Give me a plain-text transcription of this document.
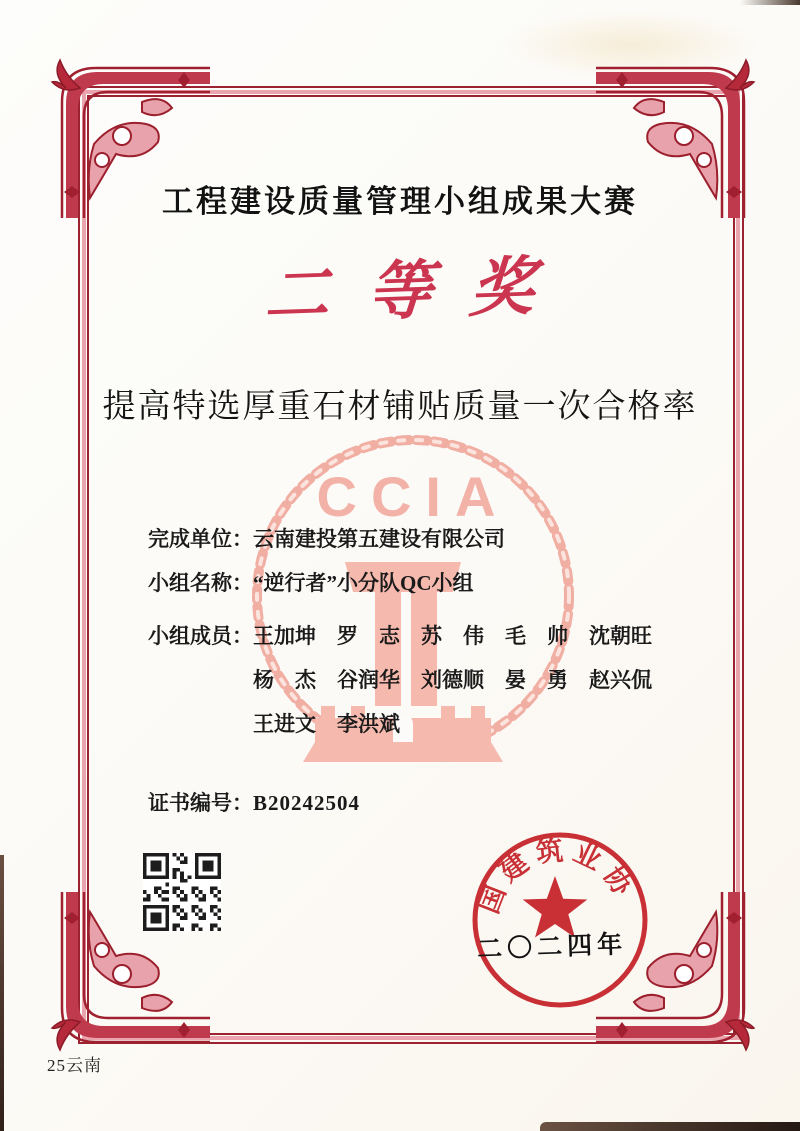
CCIA
工程建设质量管理小组成果大赛
二等奖
提高特选厚重石材铺贴质量一次合格率
完成单位：云南建投第五建设有限公司
小组名称：“逆行者”小分队QC小组
小组成员： 王加坤　罗　志　苏　伟　毛　帅　沈朝旺
杨　杰　谷润华　刘德顺　晏　勇　赵兴侃
王进文　李洪斌
证书编号：B20242504
国建筑业协
二〇二四年
25云南
